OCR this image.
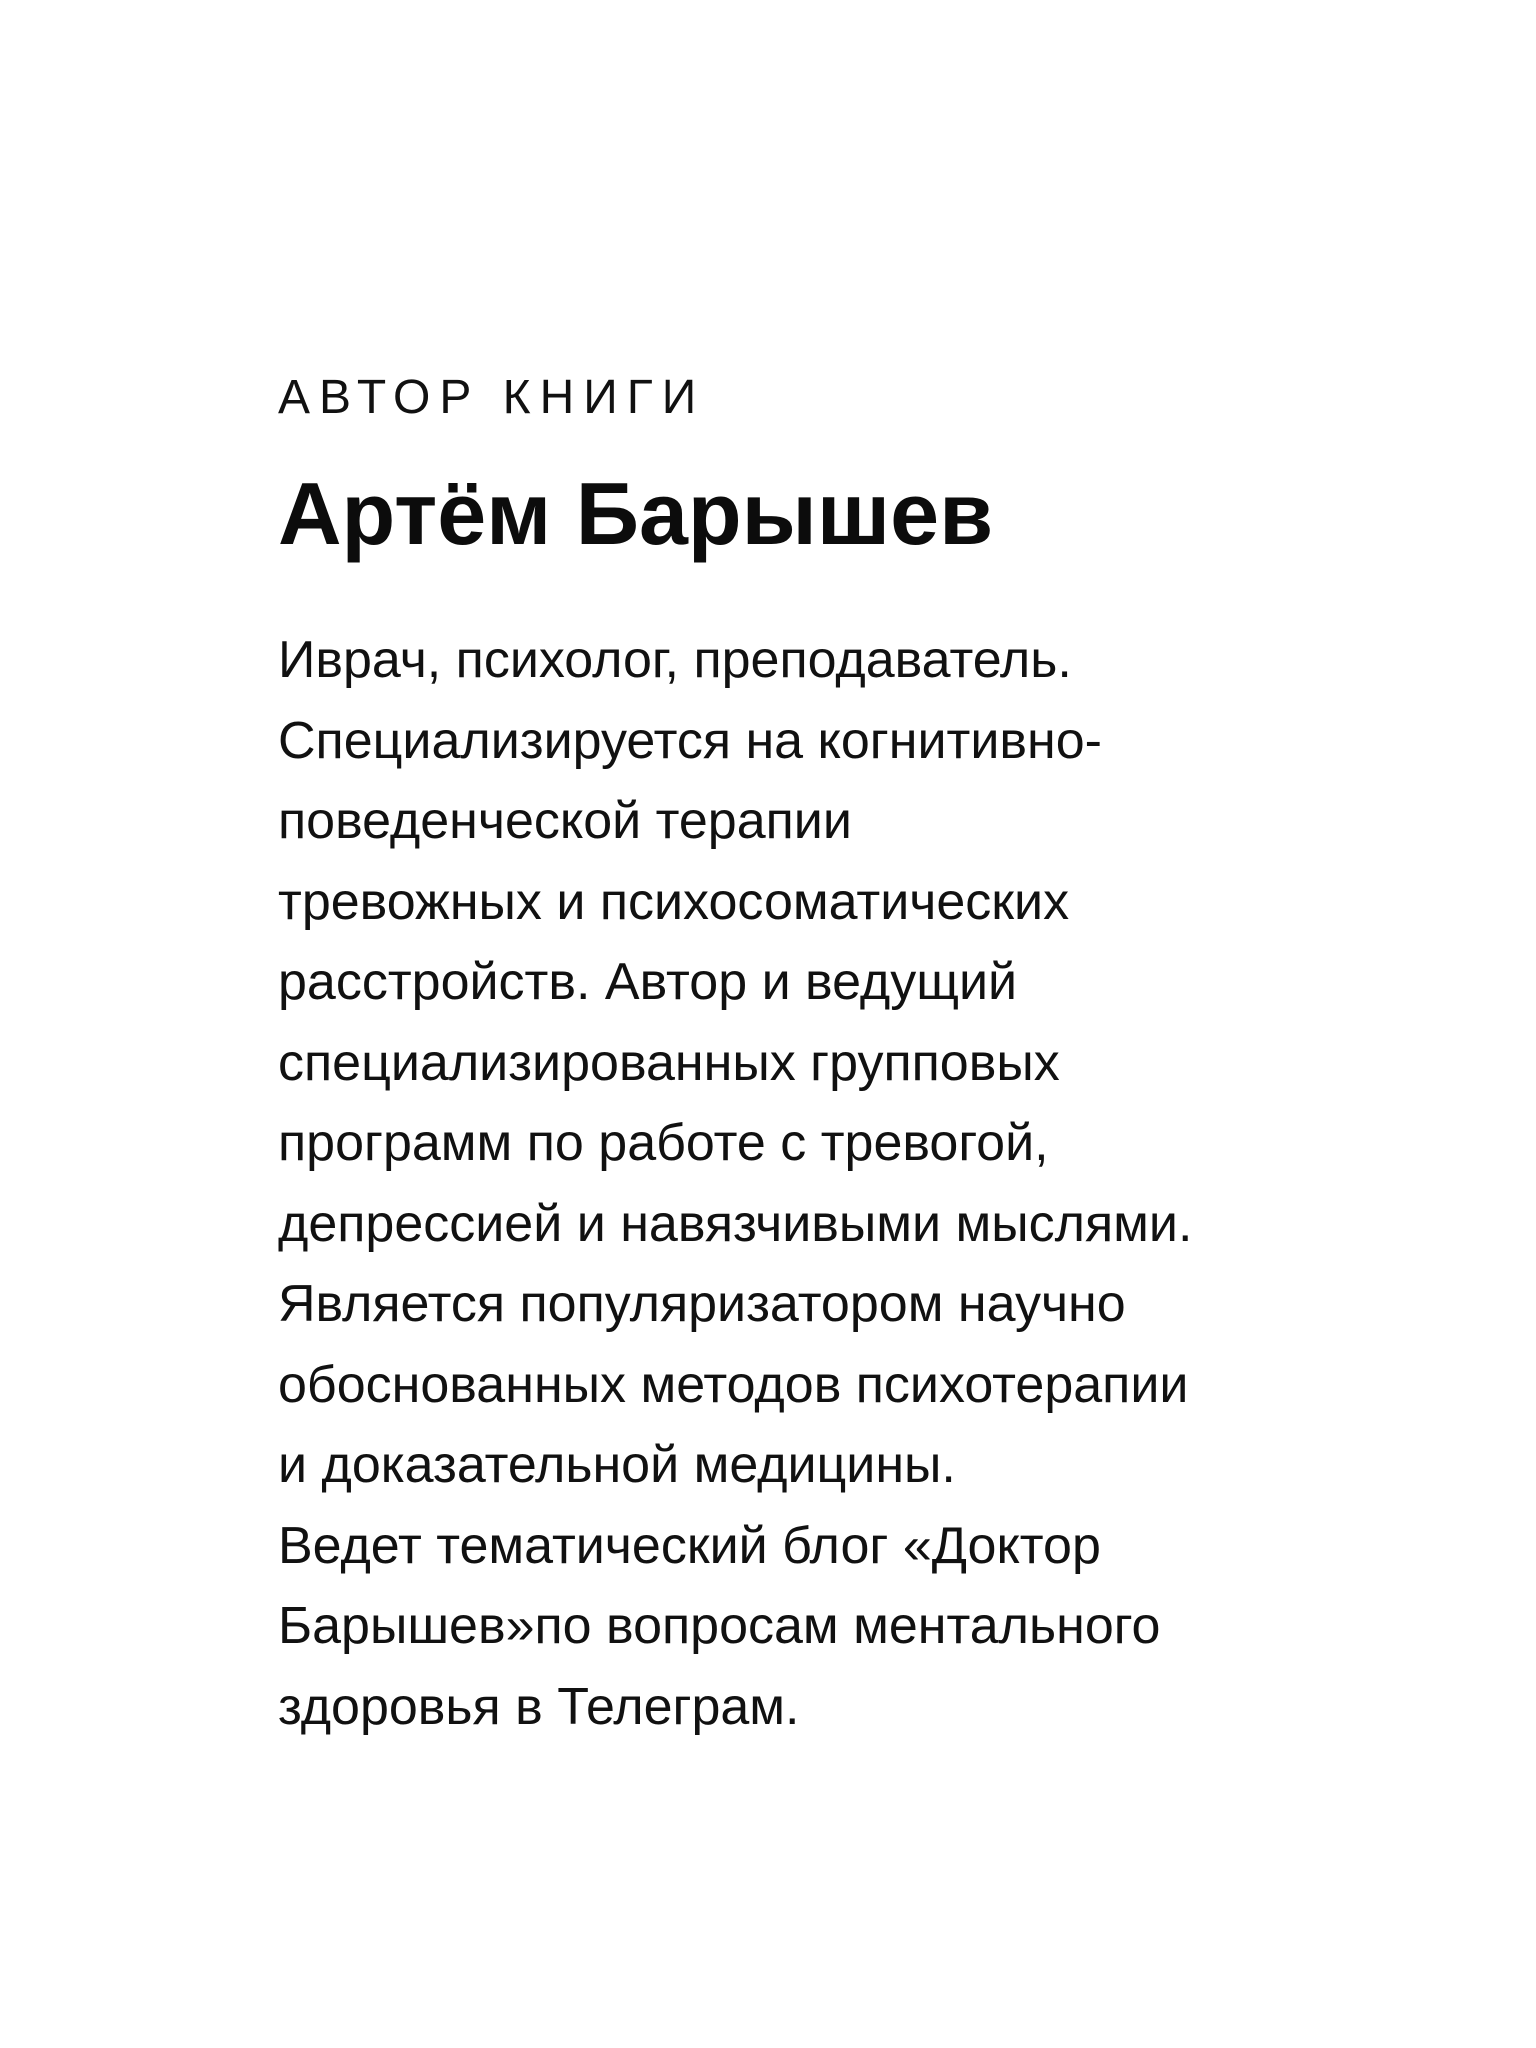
АВТОР КНИГИ

Артём Барышев
Иврач, психолог, преподаватель.
Специализируется на когнитивно-
поведенческой терапии
тревожных и психосоматических
расстройств. Автор и ведущий
специализированных групповых
программ по работе с тревогой,
депрессией и навязчивыми мыслями.
Является популяризатором научно
обоснованных методов психотерапии
и доказательной медицины.
Ведет тематический блог «Доктор
Барышев»по вопросам ментального
здоровья в Телеграм.
